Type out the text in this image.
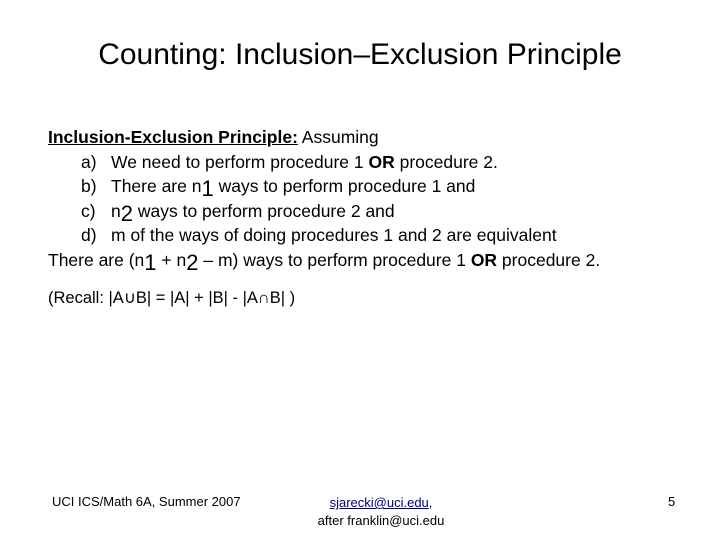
Counting: Inclusion–Exclusion Principle
Inclusion-Exclusion Principle: Assuming
a) We need to perform procedure 1 OR procedure 2.
b) There are n1 ways to perform procedure 1 and
c) n2 ways to perform procedure 2 and
d) m of the ways of doing procedures 1 and 2 are equivalent
There are (n1 + n2 – m) ways to perform procedure 1 OR procedure 2.
(Recall: |A∪B| = |A| + |B| - |A∩B| )
UCI ICS/Math 6A, Summer 2007	sjarecki@uci.edu,
after franklin@uci.edu
5
